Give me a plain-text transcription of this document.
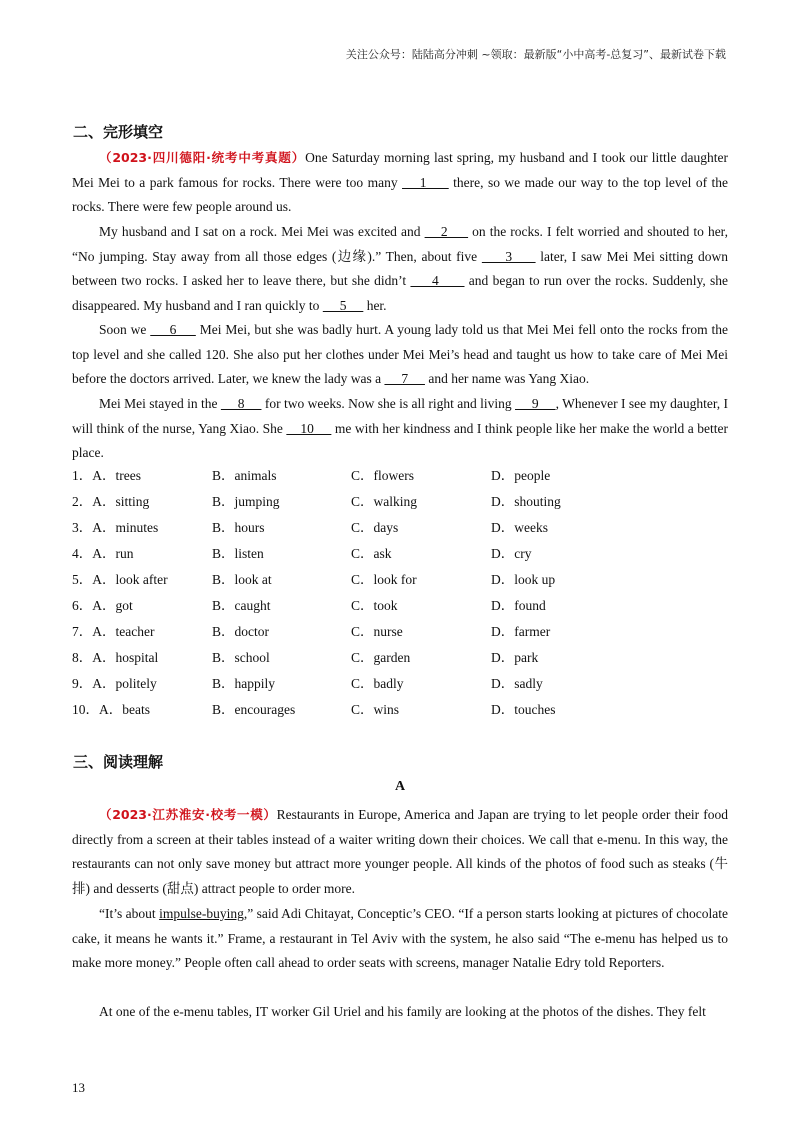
关注公众号：陆陆高分冲刺 ~领取：最新版“小中高考-总复习”、最新试卷下载
二、完形填空
（2023·四川德阳·统考中考真题）One Saturday morning last spring, my husband and I took our little daughter Mei Mei to a park famous for rocks. There were too many     1      there, so we made our way to the top level of the rocks. There were few people around us.
My husband and I sat on a rock. Mei Mei was excited and     2      on the rocks. I felt worried and shouted to her, “No jumping. Stay away from all those edges (边缘).” Then, about five      3      later, I saw Mei Mei sitting down between two rocks. I asked her to leave there, but she didn’t      4       and began to run over the rocks. Suddenly, she disappeared. My husband and I ran quickly to      5      her.
Soon we      6      Mei Mei, but she was badly hurt. A young lady told us that Mei Mei fell onto the rocks from the top level and she called 120. She also put her clothes under Mei Mei’s head and taught us how to take care of Mei Mei before the doctors arrived. Later, we knew the lady was a      7      and her name was Yang Xiao.
Mei Mei stayed in the      8      for two weeks. Now she is all right and living      9     , Whenever I see my daughter, I will think of the nurse, Yang Xiao. She     10      me with her kindness and I think people like her make the world a better place.
1．A．trees	B．animals	C．flowers	D．people
2．A．sitting	B．jumping	C．walking	D．shouting
3．A．minutes	B．hours	C．days	D．weeks
4．A．run	B．listen	C．ask	D．cry
5．A．look after	B．look at	C．look for	D．look up
6．A．got	B．caught	C．took	D．found
7．A．teacher	B．doctor	C．nurse	D．farmer
8．A．hospital	B．school	C．garden	D．park
9．A．politely	B．happily	C．badly	D．sadly
10．A．beats	B．encourages	C．wins	D．touches
三、阅读理解
A
（2023·江苏淮安·校考一模）Restaurants in Europe, America and Japan are trying to let people order their food directly from a screen at their tables instead of a waiter writing down their choices. We call that e-menu. In this way, the restaurants can not only save money but attract more younger people. All kinds of the photos of food such as steaks (牛排) and desserts (甜点) attract people to order more.
“It’s about impulse-buying,” said Adi Chitayat, Conceptic’s CEO. “If a person starts looking at pictures of chocolate cake, it means he wants it.” Frame, a restaurant in Tel Aviv with the system, he also said “The e-menu has helped us to make more money.” People often call ahead to order seats with screens, manager Natalie Edry told Reporters.
At one of the e-menu tables, IT worker Gil Uriel and his family are looking at the photos of the dishes. They felt
13
